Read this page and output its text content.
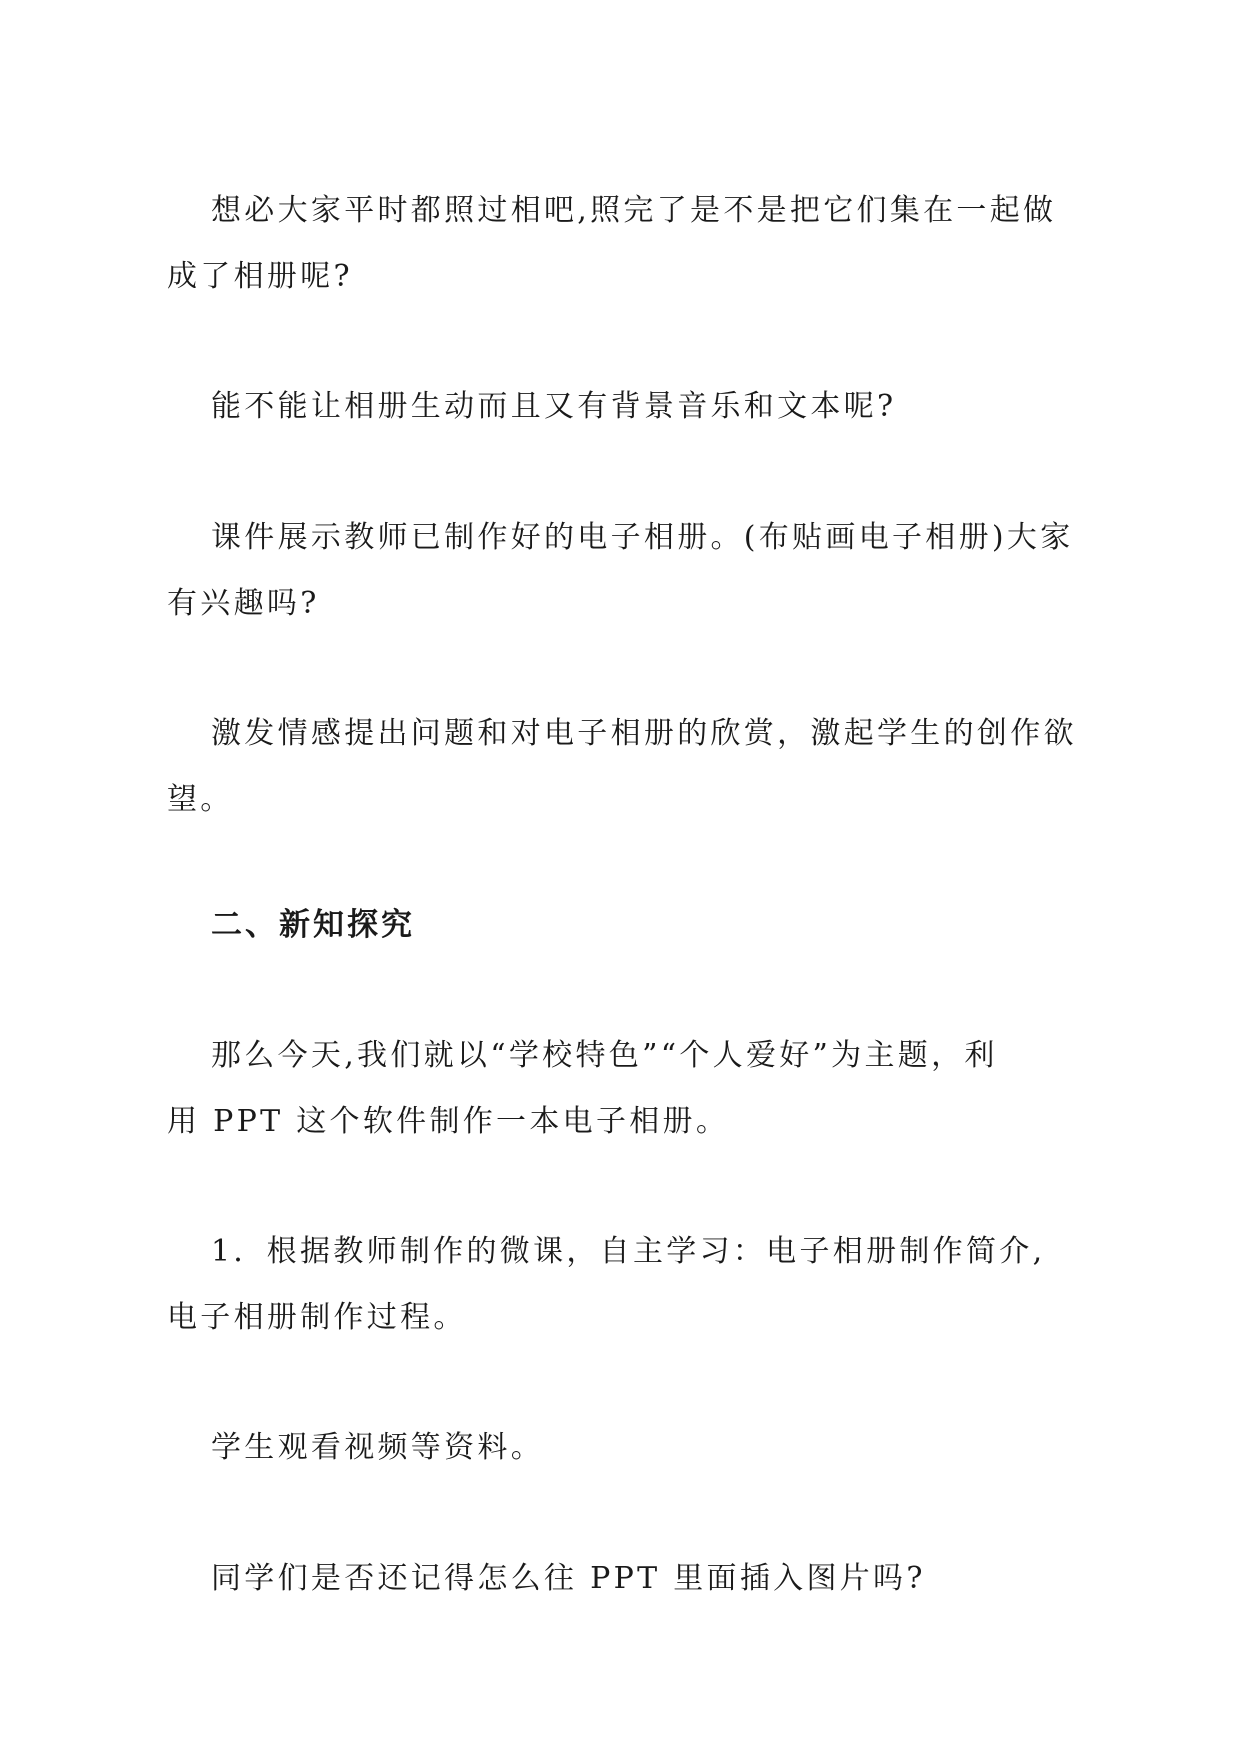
想必大家平时都照过相吧,照完了是不是把它们集在一起做
成了相册呢?

能不能让相册生动而且又有背景音乐和文本呢?

课件展示教师已制作好的电子相册。(布贴画电子相册)大家
有兴趣吗?

激发情感提出问题和对电子相册的欣赏，激起学生的创作欲
望。

二、新知探究

那么今天,我们就以“学校特色”“个人爱好”为主题，利
用 PPT 这个软件制作一本电子相册。

1．根据教师制作的微课，自主学习：电子相册制作简介,
电子相册制作过程。

学生观看视频等资料。

同学们是否还记得怎么往 PPT 里面插入图片吗?
